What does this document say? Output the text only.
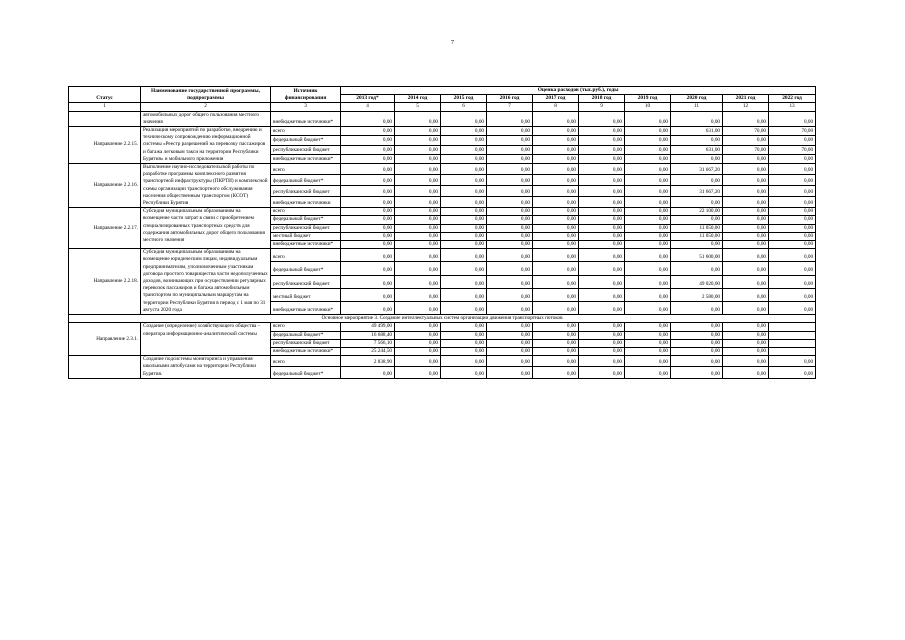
7
Статус	Наименование государственной программы, подпрограммы	Источник финансирования	Оценка расходов (тыс.руб.), годы									
			2013 год*	2014 год	2015 год	2016 год	2017 год	2018 год	2019 год	2020 год	2021 год	2022 год
1	2	3	4	5	6	7	8	9	10	11	12	13
	автомобильных дорог общего пользования местного значения	внебюджетные источники*	0,00	0,00	0,00	0,00	0,00	0,00	0,00	0,00	0,00	0,00
Направление 2.2.15.	Реализация мероприятий по разработке, внедрению и техническому сопровождению информационной системы «Реестр разрешений на перевозку пассажиров и багажа легковым такси на территории Республики Бурятия» и мобильного приложения	всего	0,00	0,00	0,00	0,00	0,00	0,00	0,00	631,00	70,00	70,00
		федеральный бюджет*	0,00	0,00	0,00	0,00	0,00	0,00	0,00	0,00	0,00	0,00
		республиканский бюджет	0,00	0,00	0,00	0,00	0,00	0,00	0,00	631,00	70,00	70,00
		внебюджетные источники*	0,00	0,00	0,00	0,00	0,00	0,00	0,00	0,00	0,00	0,00
Направление 2.2.16.	Выполнение научно-исследовательской работы по разработке программы комплексного развития транспортной инфраструктуры (ПКРТИ) и комплексной схемы организации транспортного обслуживания населения общественным транспортом (КСОТ) Республики Бурятия	всего	0,00	0,00	0,00	0,00	0,00	0,00	0,00	31 667,20	0,00	0,00
		федеральный бюджет*	0,00	0,00	0,00	0,00	0,00	0,00	0,00	0,00	0,00	0,00
		республиканский бюджет	0,00	0,00	0,00	0,00	0,00	0,00	0,00	31 667,20	0,00	0,00
		внебюджетные источники	0,00	0,00	0,00	0,00	0,00	0,00	0,00	0,00	0,00	0,00
Направление 2.2.17.	Субсидия муниципальным образованиям на возмещение части затрат в связи с приобретением специализированных транспортных средств для содержания автомобильных дорог общего пользования местного значения	всего	0,00	0,00	0,00	0,00	0,00	0,00	0,00	22 100,00	0,00	0,00
		федеральный бюджет*	0,00	0,00	0,00	0,00	0,00	0,00	0,00	0,00	0,00	0,00
		республиканский бюджет	0,00	0,00	0,00	0,00	0,00	0,00	0,00	11 050,00	0,00	0,00
		местный бюджет	0,00	0,00	0,00	0,00	0,00	0,00	0,00	11 050,00	0,00	0,00
		внебюджетные источники*	0,00	0,00	0,00	0,00	0,00	0,00	0,00	0,00	0,00	0,00
Направление 2.2.18.	Субсидия муниципальным образованиям на возмещение юридическим лицам, индивидуальным предпринимателям, уполномоченным участникам договора простого товарищества части недополученных доходов, возникающих при осуществлении регулярных перевозок пассажиров и багажа автомобильным транспортом по муниципальным маршрутам на территории Республики Бурятия в период с 1 мая по 31 августа 2020 года	всего	0,00	0,00	0,00	0,00	0,00	0,00	0,00	51 600,00	0,00	0,00
		федеральный бюджет*	0,00	0,00	0,00	0,00	0,00	0,00	0,00	0,00	0,00	0,00
		республиканский бюджет	0,00	0,00	0,00	0,00	0,00	0,00	0,00	49 020,00	0,00	0,00
		местный бюджет	0,00	0,00	0,00	0,00	0,00	0,00	0,00	2 580,00	0,00	0,00
		внебюджетные источники*	0,00	0,00	0,00	0,00	0,00	0,00	0,00	0,00	0,00	0,00
Основное мероприятие 3. Создание интеллектуальных систем организации движения транспортных потоков												
Направление 2.3.1.	Создание (определение) хозяйствующего общества – оператора информационно-аналитической системы	всего	49 499,00	0,00	0,00	0,00	0,00	0,00	0,00	0,00	0,00	
		федеральный бюджет*	16 688,40	0,00	0,00	0,00	0,00	0,00	0,00	0,00	0,00	
		республиканский бюджет	7 566,10	0,00	0,00	0,00	0,00	0,00	0,00	0,00	0,00	
		внебюджетные источники*	25 244,50	0,00	0,00	0,00	0,00	0,00	0,00	0,00	0,00	
	Создание подсистемы мониторинга и управления школьными автобусами на территории Республики Бурятия.	всего	2 838,90	0,00	0,00	0,00	0,00	0,00	0,00	0,00	0,00	0,00
		федеральный бюджет*	0,00	0,00	0,00	0,00	0,00	0,00	0,00	0,00	0,00	0,00
